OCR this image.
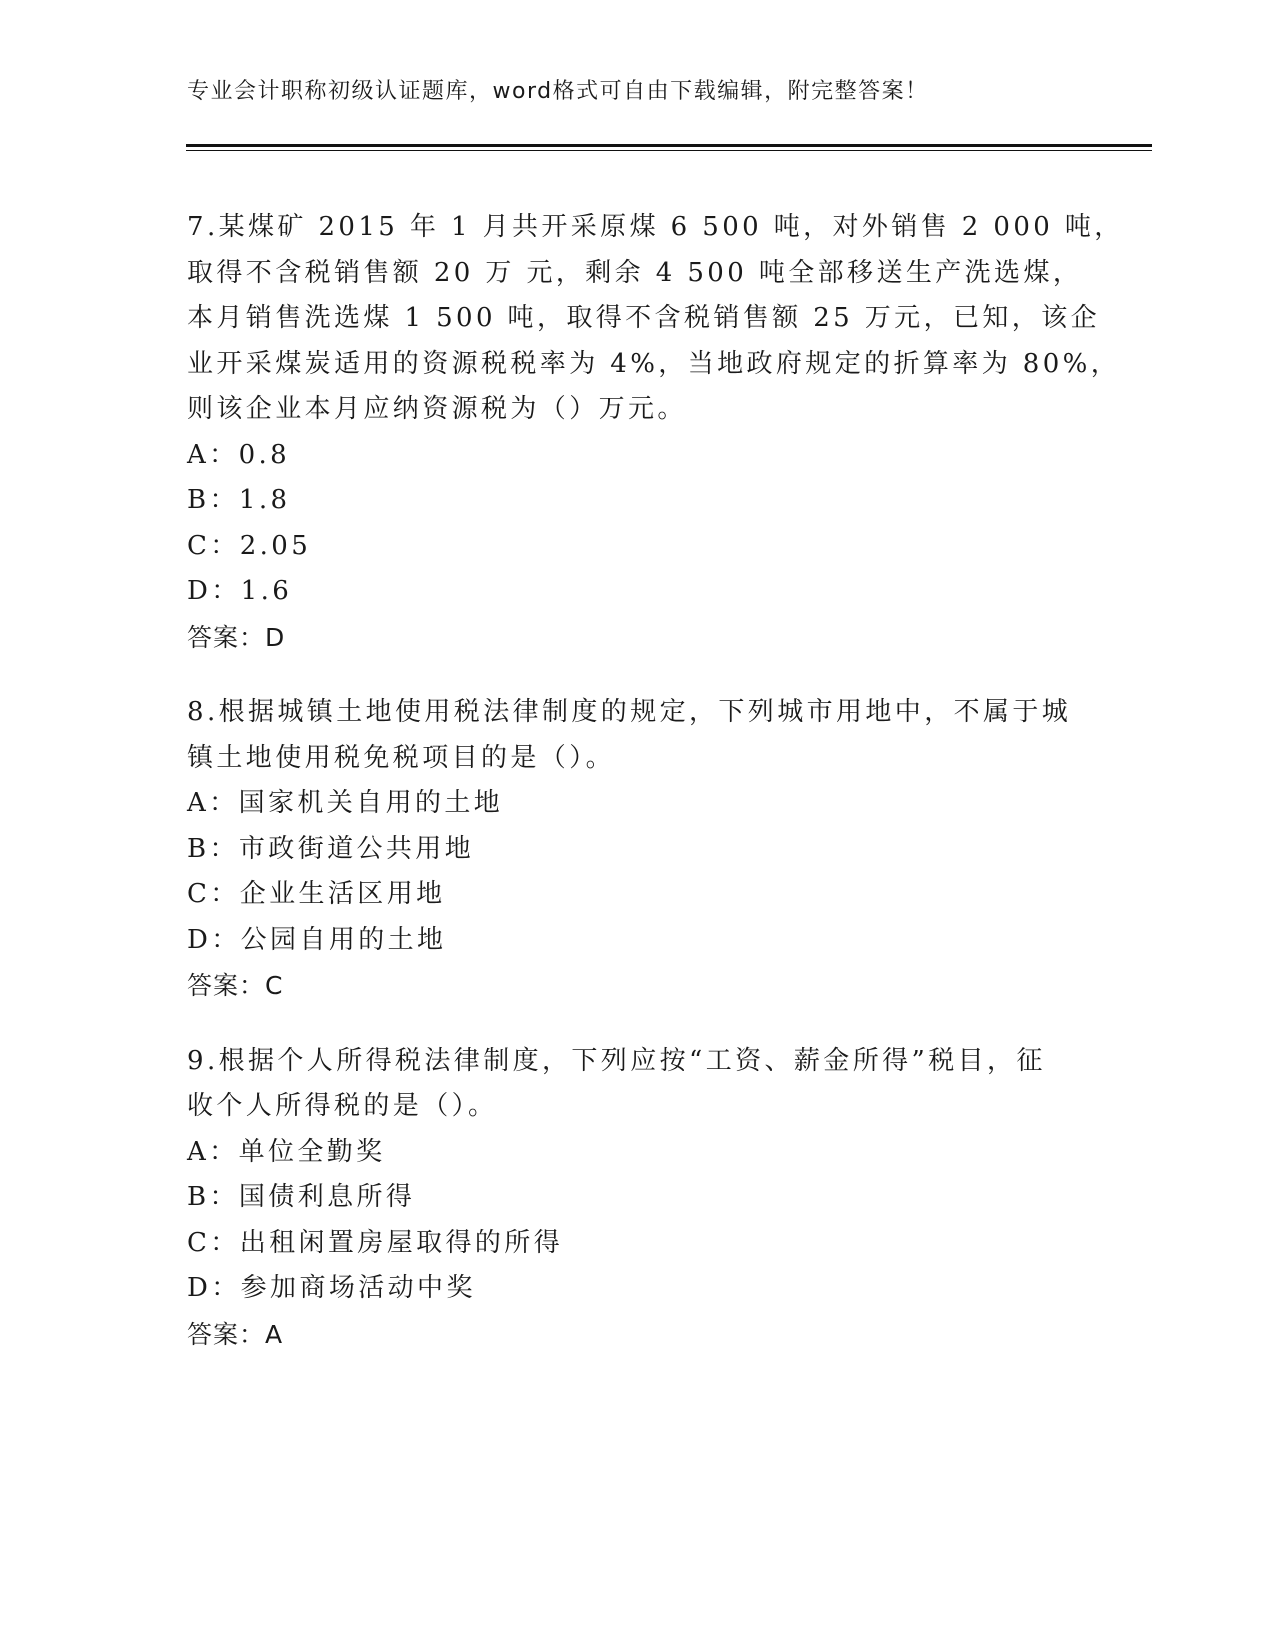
专业会计职称初级认证题库，word格式可自由下载编辑，附完整答案！
7.某煤矿 2015 年 1 月共开采原煤 6 500 吨，对外销售 2 000 吨，
取得不含税销售额 20 万 元，剩余 4 500 吨全部移送生产洗选煤，
本月销售洗选煤 1 500 吨，取得不含税销售额 25 万元，已知，该企
业开采煤炭适用的资源税税率为 4%，当地政府规定的折算率为 80%，
则该企业本月应纳资源税为（）万元。
A：0.8
B：1.8
C：2.05
D：1.6
答案：D
8.根据城镇土地使用税法律制度的规定，下列城市用地中，不属于城
镇土地使用税免税项目的是（）。
A：国家机关自用的土地
B：市政街道公共用地
C：企业生活区用地
D：公园自用的土地
答案：C
9.根据个人所得税法律制度，下列应按“工资、薪金所得”税目，征
收个人所得税的是（）。
A：单位全勤奖
B：国债利息所得
C：出租闲置房屋取得的所得
D：参加商场活动中奖
答案：A
